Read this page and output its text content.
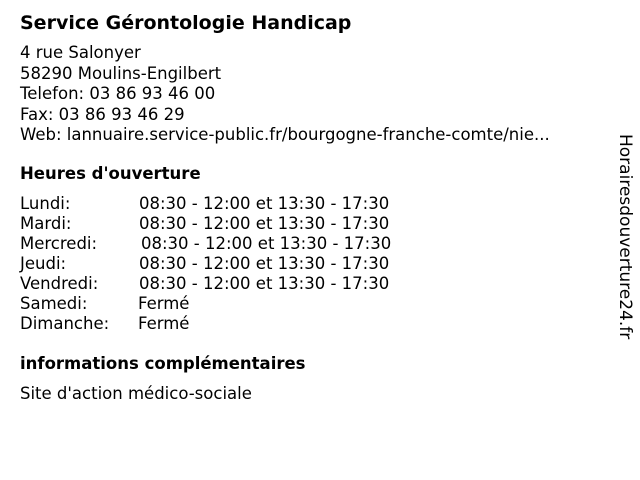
Service Gérontologie Handicap
4 rue Salonyer
58290 Moulins-Engilbert
Telefon: 03 86 93 46 00
Fax: 03 86 93 46 29
Web: lannuaire.service-public.fr/bourgogne-franche-comte/nie...
Heures d'ouverture
Lundi:	08:30 - 12:00 et 13:30 - 17:30
Mardi:	08:30 - 12:00 et 13:30 - 17:30
Mercredi:	08:30 - 12:00 et 13:30 - 17:30
Jeudi:	08:30 - 12:00 et 13:30 - 17:30
Vendredi: 08:30 - 12:00 et 13:30 - 17:30
Samedi:	Fermé
Dimanche: Fermé
informations complémentaires
Site d'action médico-sociale
Horairesdouverture24.fr
